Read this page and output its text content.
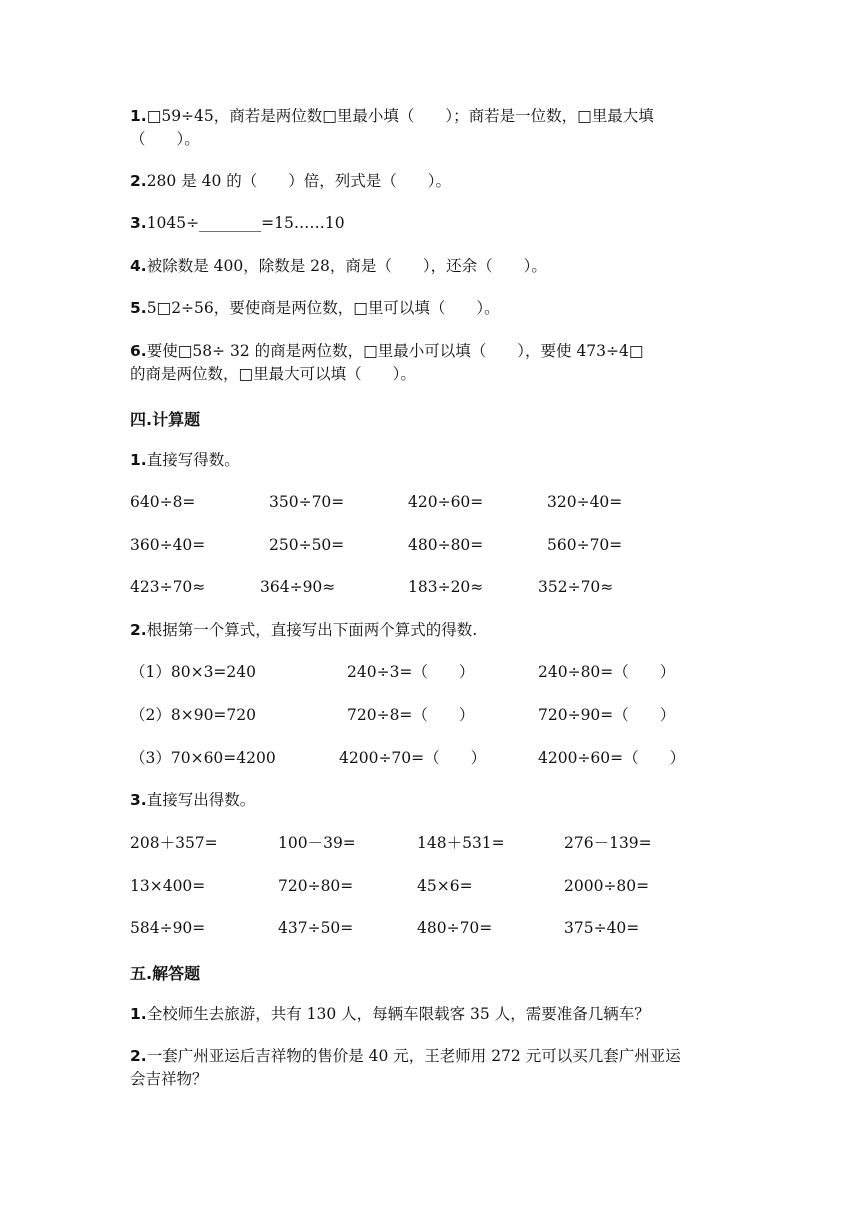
1.□59÷45，商若是两位数□里最小填（　　）；商若是一位数，□里最大填
（　　）。
2.280 是 40 的（　　）倍，列式是（　　）。
3.1045÷________=15……10
4.被除数是 400，除数是 28，商是（　　），还余（　　）。
5.5□2÷56，要使商是两位数，□里可以填（　　）。
6.要使□58÷ 32 的商是两位数，□里最小可以填（　　），要使 473÷4□
的商是两位数，□里最大可以填（　　）。
四.计算题
1.直接写得数。
640÷8=	350÷70=	420÷60=	320÷40=
360÷40=	250÷50=	480÷80=	560÷70=
423÷70≈	364÷90≈	183÷20≈	352÷70≈
2.根据第一个算式，直接写出下面两个算式的得数.
（1）80×3=240	240÷3=（　　）	240÷80=（　　）
（2）8×90=720	720÷8=（　　）	720÷90=（　　）
（3）70×60=4200	4200÷70=（　　）	4200÷60=（　　）
3.直接写出得数。
208＋357=	100－39=	148＋531=	276－139=
13×400=	720÷80=	45×6=	2000÷80=
584÷90=	437÷50=	480÷70=	375÷40=
五.解答题
1.全校师生去旅游，共有 130 人，每辆车限载客 35 人，需要准备几辆车？
2.一套广州亚运后吉祥物的售价是 40 元，王老师用 272 元可以买几套广州亚运
会吉祥物？
